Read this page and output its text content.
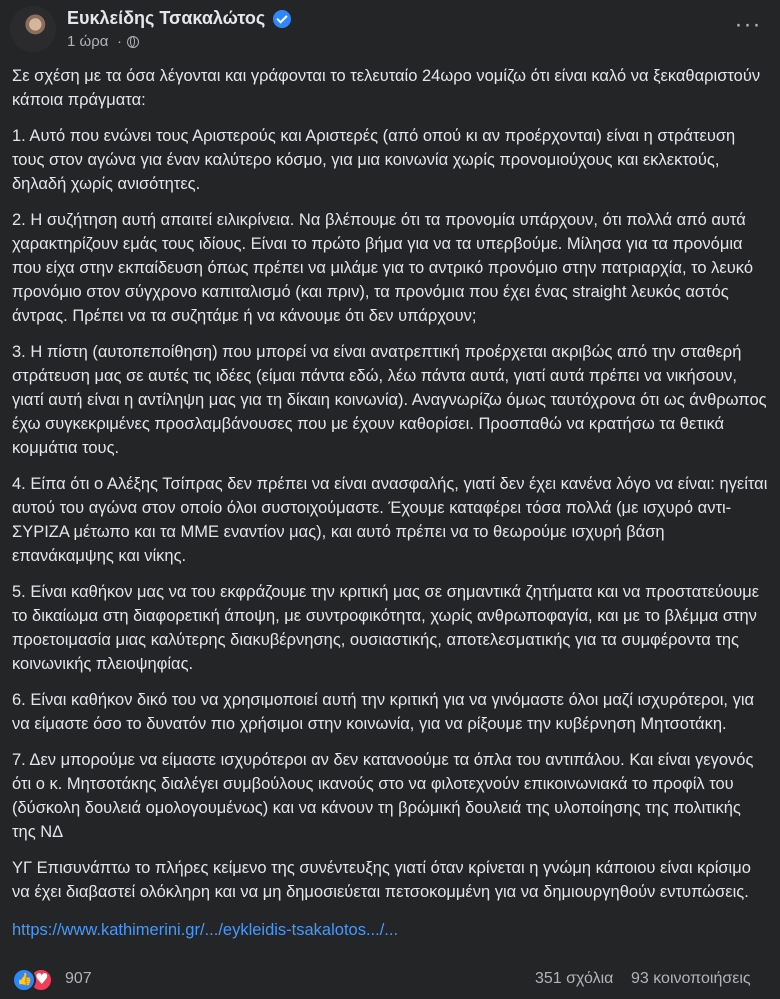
Ευκλείδης Τσακαλώτος
1 ώρα ·
···

Σε σχέση με τα όσα λέγονται και γράφονται το τελευταίο 24ωρο νομίζω ότι είναι καλό να ξεκαθαριστούν κάποια πράγματα:

1. Αυτό που ενώνει τους Αριστερούς και Αριστερές (από οπού κι αν προέρχονται) είναι η στράτευση τους στον αγώνα για έναν καλύτερο κόσμο, για μια κοινωνία χωρίς προνομιούχους και εκλεκτούς, δηλαδή χωρίς ανισότητες.

2. Η συζήτηση αυτή απαιτεί ειλικρίνεια. Να βλέπουμε ότι τα προνομία υπάρχουν, ότι πολλά από αυτά χαρακτηρίζουν εμάς τους ιδίους. Είναι το πρώτο βήμα για να τα υπερβούμε. Μίλησα για τα προνόμια που είχα στην εκπαίδευση όπως πρέπει να μιλάμε για το αντρικό προνόμιο στην πατριαρχία, το λευκό προνόμιο στον σύγχρονο καπιταλισμό (και πριν), τα προνόμια που έχει ένας straight λευκός αστός άντρας. Πρέπει να τα συζητάμε ή να κάνουμε ότι δεν υπάρχουν;

3. Η πίστη (αυτοπεποίθηση) που μπορεί να είναι ανατρεπτική προέρχεται ακριβώς από την σταθερή στράτευση μας σε αυτές τις ιδέες (είμαι πάντα εδώ, λέω πάντα αυτά, γιατί αυτά πρέπει να νικήσουν, γιατί αυτή είναι η αντίληψη μας για τη δίκαιη κοινωνία). Αναγνωρίζω όμως ταυτόχρονα ότι ως άνθρωπος έχω συγκεκριμένες προσλαμβάνουσες που με έχουν καθορίσει. Προσπαθώ να κρατήσω τα θετικά κομμάτια τους.

4. Είπα ότι ο Αλέξης Τσίπρας δεν πρέπει να είναι ανασφαλής, γιατί δεν έχει κανένα λόγο να είναι: ηγείται αυτού του αγώνα στον οποίο όλοι συστοιχούμαστε. Έχουμε καταφέρει τόσα πολλά (με ισχυρό αντι-ΣΥΡΙΖΑ μέτωπο και τα ΜΜΕ εναντίον μας), και αυτό πρέπει να το θεωρούμε ισχυρή βάση επανάκαμψης και νίκης.

5. Είναι καθήκον μας να του εκφράζουμε την κριτική μας σε σημαντικά ζητήματα και να προστατεύουμε το δικαίωμα στη διαφορετική άποψη, με συντροφικότητα, χωρίς ανθρωποφαγία, και με το βλέμμα στην προετοιμασία μιας καλύτερης διακυβέρνησης, ουσιαστικής, αποτελεσματικής για τα συμφέροντα της κοινωνικής πλειοψηφίας.

6. Είναι καθήκον δικό του να χρησιμοποιεί αυτή την κριτική για να γινόμαστε όλοι μαζί ισχυρότεροι, για να είμαστε όσο το δυνατόν πιο χρήσιμοι στην κοινωνία, για να ρίξουμε την κυβέρνηση Μητσοτάκη.

7. Δεν μπορούμε να είμαστε ισχυρότεροι αν δεν κατανοούμε τα όπλα του αντιπάλου. Και είναι γεγονός ότι ο κ. Μητσοτάκης διαλέγει συμβούλους ικανούς στο να φιλοτεχνούν επικοινωνιακά το προφίλ του (δύσκολη δουλειά ομολογουμένως) και να κάνουν τη βρώμική δουλειά της υλοποίησης της πολιτικής της ΝΔ

ΥΓ Επισυνάπτω το πλήρες κείμενο της συνέντευξης γιατί όταν κρίνεται η γνώμη κάποιου είναι κρίσιμο να έχει διαβαστεί ολόκληρη και να μη δημοσιεύεται πετσοκομμένη για να δημιουργηθούν εντυπώσεις.

https://www.kathimerini.gr/.../eykleidis-tsakalotos.../...
👍
♥
907	351 σχόλια 93 κοινοποιήσεις
